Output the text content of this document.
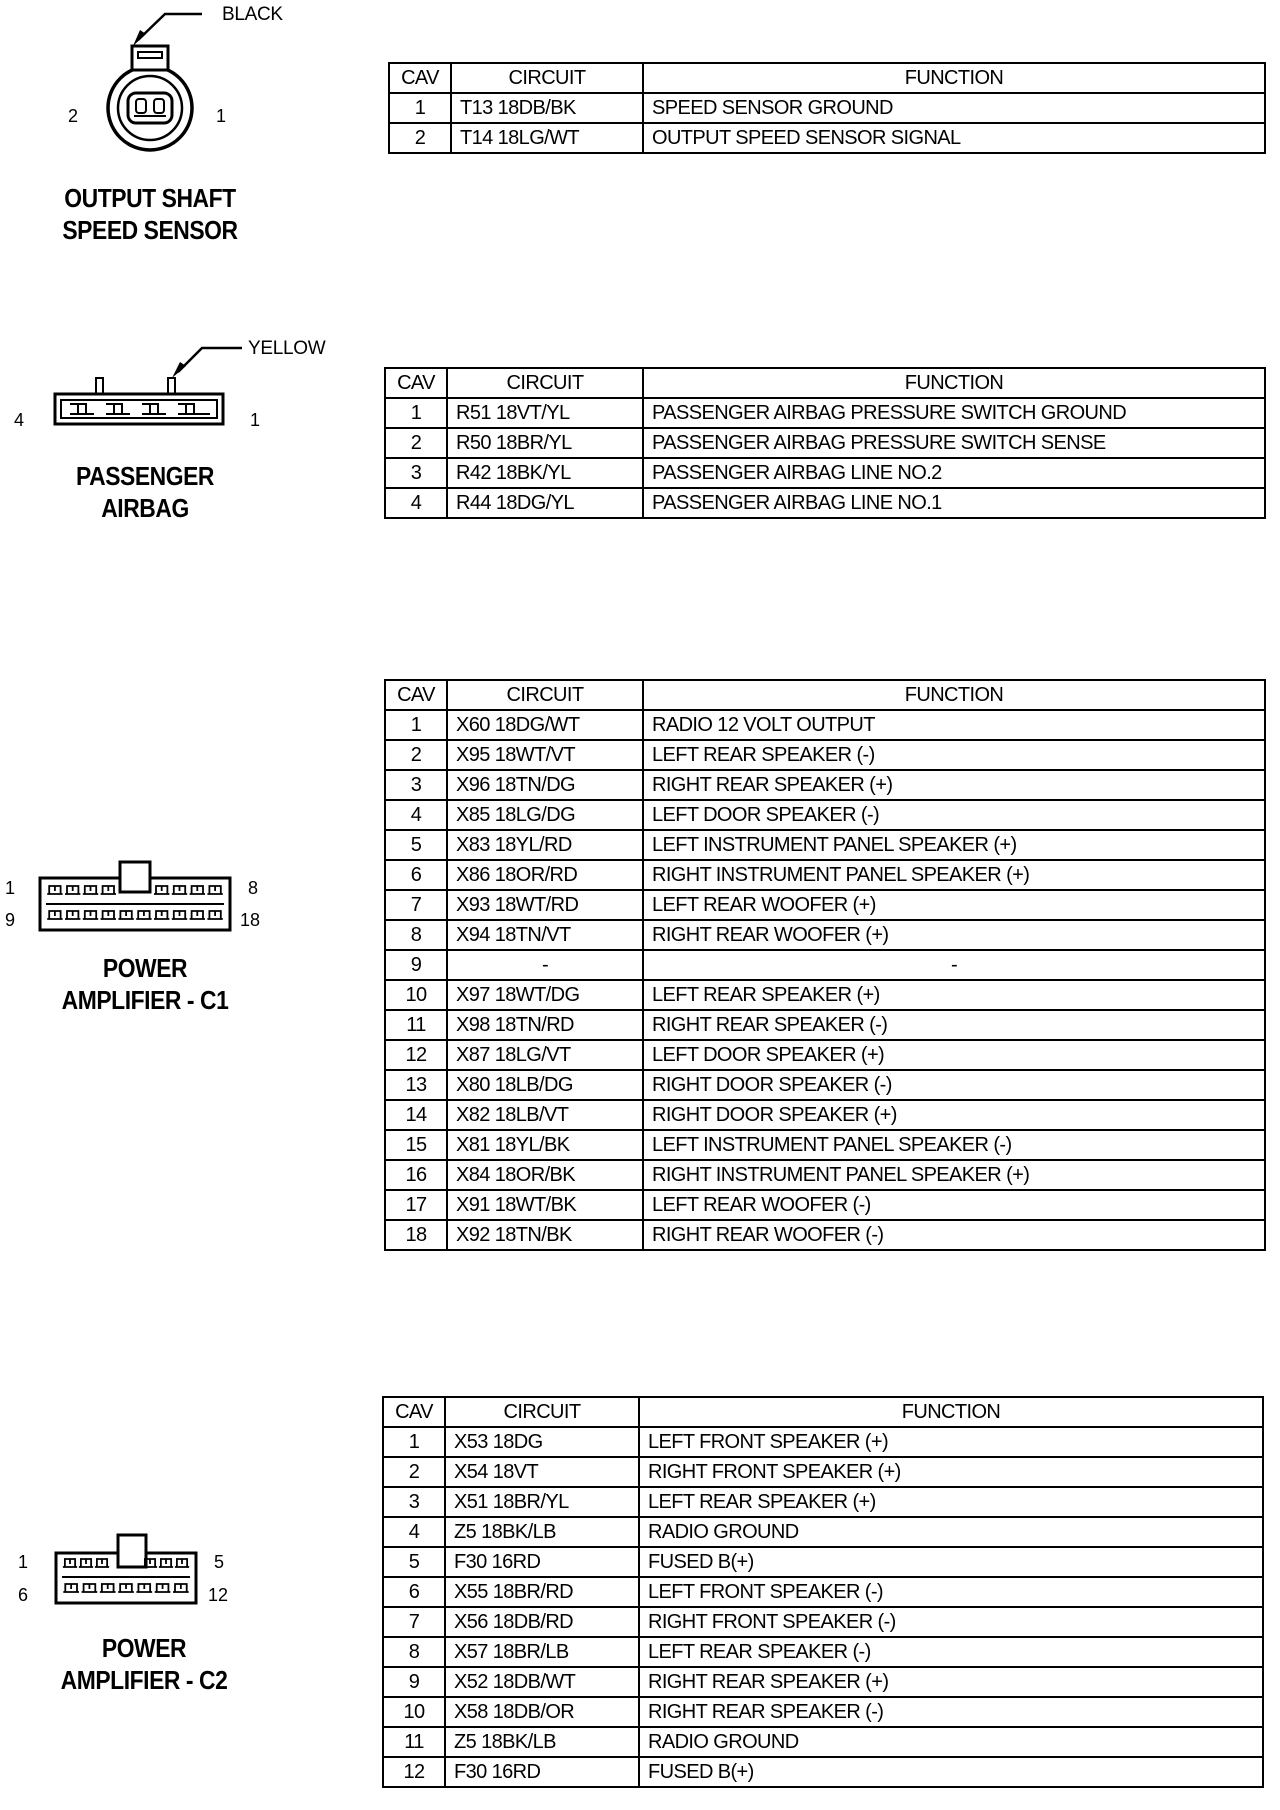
BLACK
2	1
OUTPUT SHAFT
SPEED SENSOR
CAV	CIRCUIT	FUNCTION
1	T13 18DB/BK	SPEED SENSOR GROUND
2	T14 18LG/WT	OUTPUT SPEED SENSOR SIGNAL
YELLOW
4	1
PASSENGER
AIRBAG
CAV	CIRCUIT	FUNCTION
1	R51 18VT/YL	PASSENGER AIRBAG PRESSURE SWITCH GROUND
2	R50 18BR/YL	PASSENGER AIRBAG PRESSURE SWITCH SENSE
3	R42 18BK/YL	PASSENGER AIRBAG LINE NO.2
4	R44 18DG/YL	PASSENGER AIRBAG LINE NO.1
1	8
9	18
POWER
AMPLIFIER - C1
CAV	CIRCUIT	FUNCTION
1	X60 18DG/WT	RADIO 12 VOLT OUTPUT
2	X95 18WT/VT	LEFT REAR SPEAKER (-)
3	X96 18TN/DG	RIGHT REAR SPEAKER (+)
4	X85 18LG/DG	LEFT DOOR SPEAKER (-)
5	X83 18YL/RD	LEFT INSTRUMENT PANEL SPEAKER (+)
6	X86 18OR/RD	RIGHT INSTRUMENT PANEL SPEAKER (+)
7	X93 18WT/RD	LEFT REAR WOOFER (+)
8	X94 18TN/VT	RIGHT REAR WOOFER (+)
9	-	-
10	X97 18WT/DG	LEFT REAR SPEAKER (+)
11	X98 18TN/RD	RIGHT REAR SPEAKER (-)
12	X87 18LG/VT	LEFT DOOR SPEAKER (+)
13	X80 18LB/DG	RIGHT DOOR SPEAKER (-)
14	X82 18LB/VT	RIGHT DOOR SPEAKER (+)
15	X81 18YL/BK	LEFT INSTRUMENT PANEL SPEAKER (-)
16	X84 18OR/BK	RIGHT INSTRUMENT PANEL SPEAKER (+)
17	X91 18WT/BK	LEFT REAR WOOFER (-)
18	X92 18TN/BK	RIGHT REAR WOOFER (-)
1	5
6	12
POWER
AMPLIFIER - C2
CAV	CIRCUIT	FUNCTION
1	X53 18DG	LEFT FRONT SPEAKER (+)
2	X54 18VT	RIGHT FRONT SPEAKER (+)
3	X51 18BR/YL	LEFT REAR SPEAKER (+)
4	Z5 18BK/LB	RADIO GROUND
5	F30 16RD	FUSED B(+)
6	X55 18BR/RD	LEFT FRONT SPEAKER (-)
7	X56 18DB/RD	RIGHT FRONT SPEAKER (-)
8	X57 18BR/LB	LEFT REAR SPEAKER (-)
9	X52 18DB/WT	RIGHT REAR SPEAKER (+)
10	X58 18DB/OR	RIGHT REAR SPEAKER (-)
11	Z5 18BK/LB	RADIO GROUND
12	F30 16RD	FUSED B(+)
